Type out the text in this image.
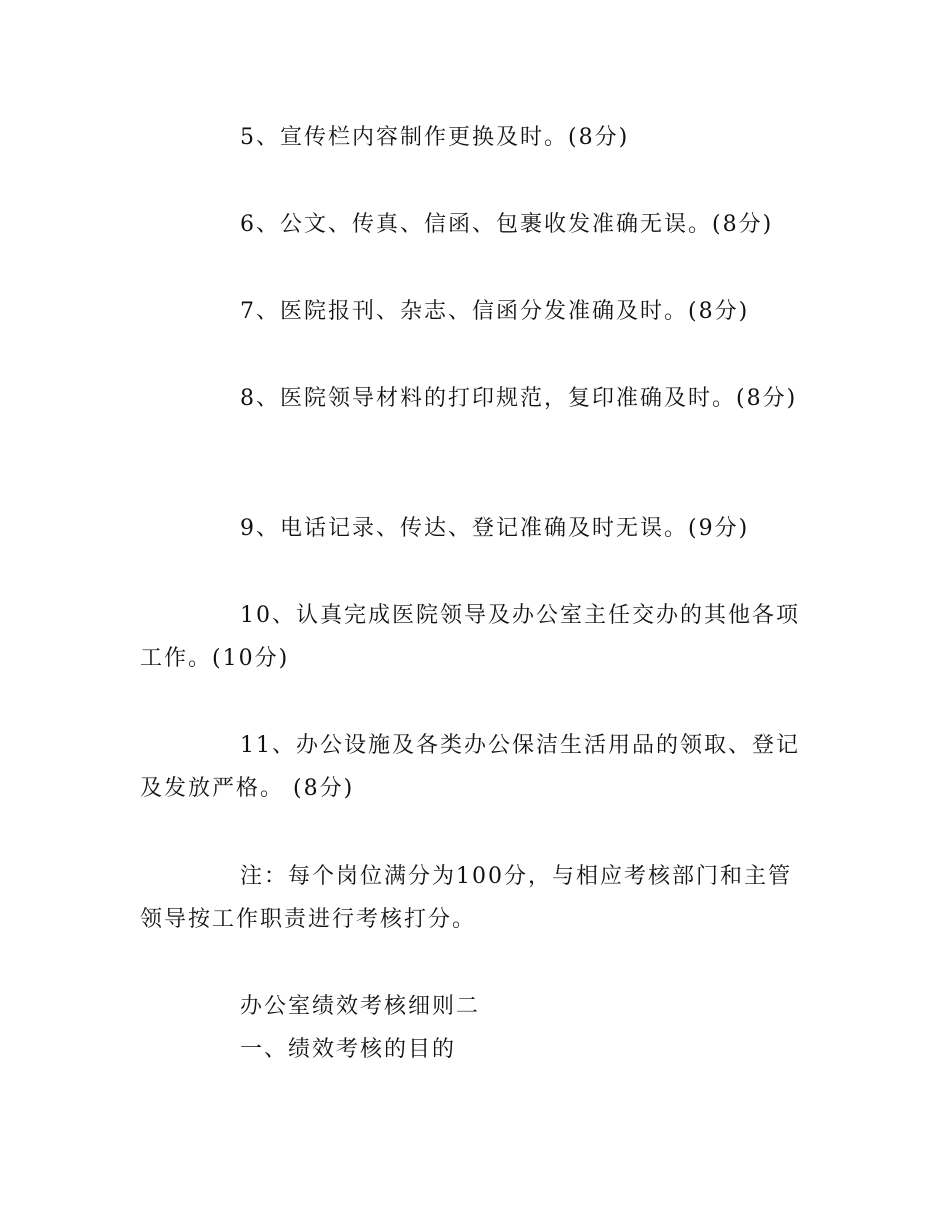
5、宣传栏内容制作更换及时。(8分)

6、公文、传真、信函、包裹收发准确无误。(8分)

7、医院报刊、杂志、信函分发准确及时。(8分)

8、医院领导材料的打印规范，复印准确及时。(8分)

9、电话记录、传达、登记准确及时无误。(9分)

10、认真完成医院领导及办公室主任交办的其他各项工作。(10分)

11、办公设施及各类办公保洁生活用品的领取、登记及发放严格。 (8分)

注：每个岗位满分为100分，与相应考核部门和主管领导按工作职责进行考核打分。

办公室绩效考核细则二

一、绩效考核的目的
